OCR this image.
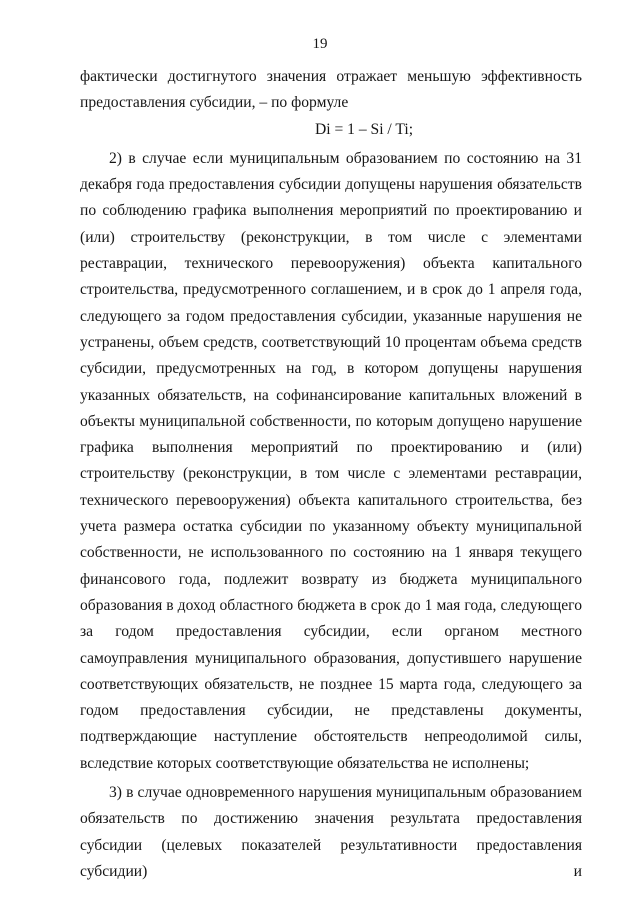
19

фактически достигнутого значения отражает меньшую эффективность предоставления субсидии, – по формуле

Di = 1 – Si / Ti;

2) в случае если муниципальным образованием по состоянию на 31 декабря года предоставления субсидии допущены нарушения обязательств по соблюдению графика выполнения мероприятий по проектированию и (или) строительству (реконструкции, в том числе с элементами реставрации, технического перевооружения) объекта капитального строительства, предусмотренного соглашением, и в срок до 1 апреля года, следующего за годом предоставления субсидии, указанные нарушения не устранены, объем средств, соответствующий 10 процентам объема средств субсидии, предусмотренных на год, в котором допущены нарушения указанных обязательств, на софинансирование капитальных вложений в объекты муниципальной собственности, по которым допущено нарушение графика выполнения мероприятий по проектированию и (или) строительству (реконструкции, в том числе с элементами реставрации, технического перевооружения) объекта капитального строительства, без учета размера остатка субсидии по указанному объекту муниципальной собственности, не использованного по состоянию на 1 января текущего финансового года, подлежит возврату из бюджета муниципального образования в доход областного бюджета в срок до 1 мая года, следующего за годом предоставления субсидии, если органом местного самоуправления муниципального образования, допустившего нарушение соответствующих обязательств, не позднее 15 марта года, следующего за годом предоставления субсидии, не представлены документы, подтверждающие наступление обстоятельств непреодолимой силы, вследствие которых соответствующие обязательства не исполнены;

3) в случае одновременного нарушения муниципальным образованием обязательств по достижению значения результата предоставления субсидии (целевых показателей результативности предоставления субсидии) и
